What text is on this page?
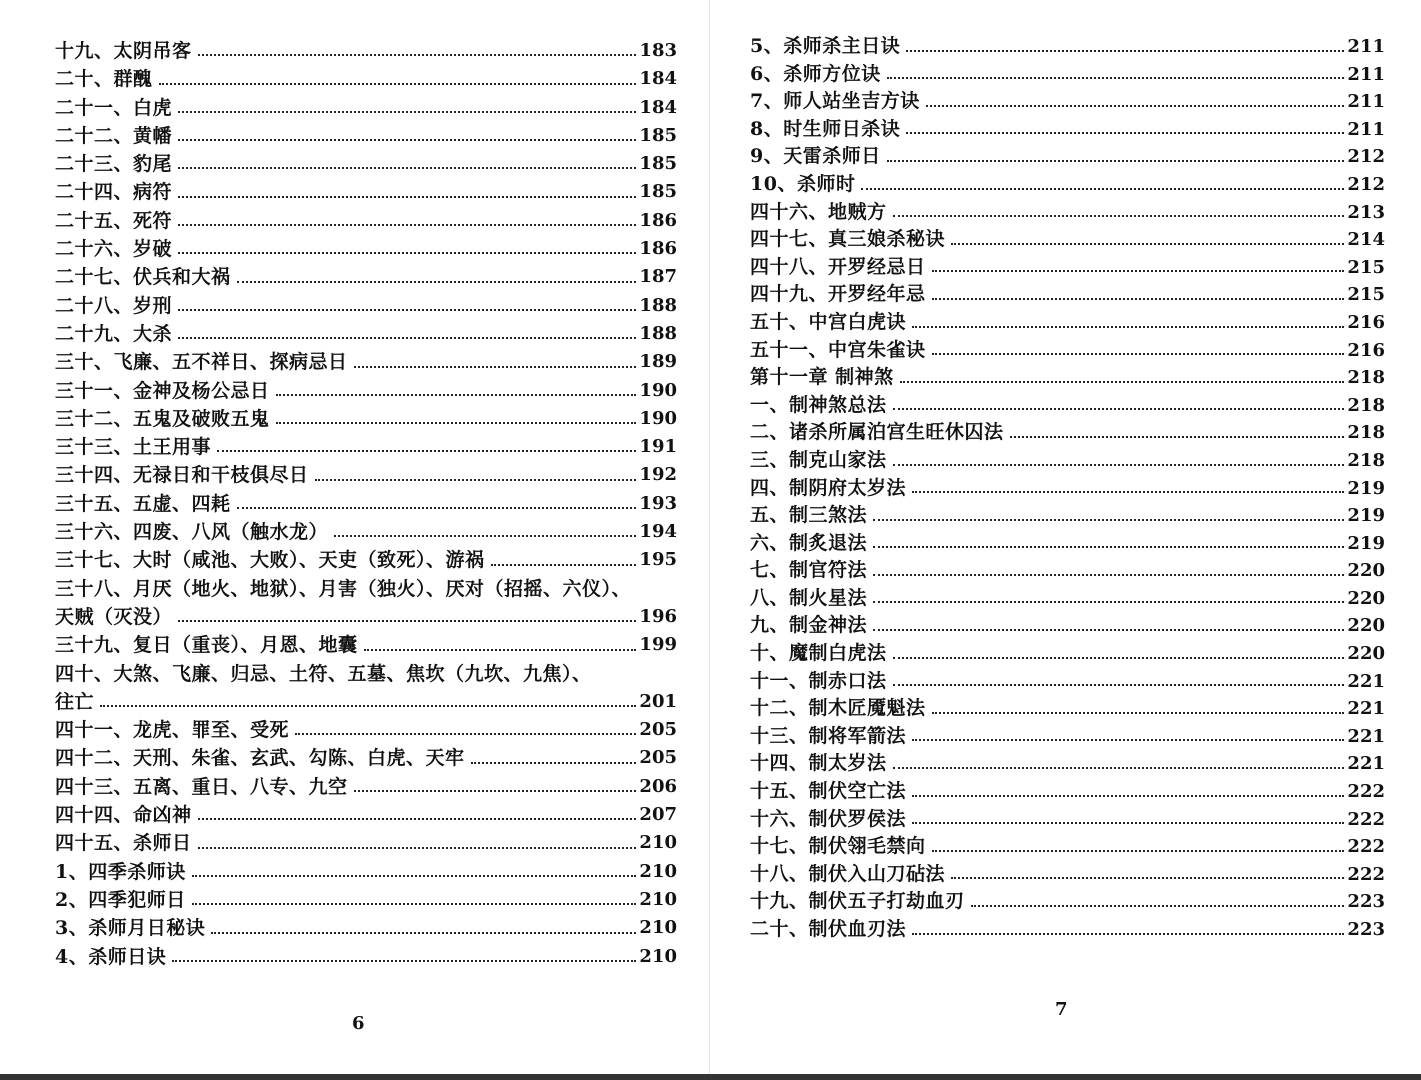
十九、太阴吊客	183
二十、群醜	184
二十一、白虎	184
二十二、黄幡	185
二十三、豹尾	185
二十四、病符	185
二十五、死符	186
二十六、岁破	186
二十七、伏兵和大祸	187
二十八、岁刑	188
二十九、大杀	188
三十、飞廉、五不祥日、探病忌日	189
三十一、金神及杨公忌日	190
三十二、五鬼及破败五鬼	190
三十三、土王用事	191
三十四、无禄日和干枝俱尽日	192
三十五、五虚、四耗	193
三十六、四废、八风（触水龙）	194
三十七、大时（咸池、大败）、天吏（致死）、游祸	195
三十八、月厌（地火、地狱）、月害（独火）、厌对（招摇、六仪）、
天贼（灭没）	196
三十九、复日（重丧）、月恩、地囊	199
四十、大煞、飞廉、归忌、土符、五墓、焦坎（九坎、九焦）、
往亡	201
四十一、龙虎、罪至、受死	205
四十二、天刑、朱雀、玄武、勾陈、白虎、天牢	205
四十三、五离、重日、八专、九空	206
四十四、命凶神	207
四十五、杀师日	210
1、四季杀师诀	210
2、四季犯师日	210
3、杀师月日秘诀	210
4、杀师日诀	210
6
5、杀师杀主日诀	211
6、杀师方位诀	211
7、师人站坐吉方诀	211
8、时生师日杀诀	211
9、天雷杀师日	212
10、杀师时	212
四十六、地贼方	213
四十七、真三娘杀秘诀	214
四十八、开罗经忌日	215
四十九、开罗经年忌	215
五十、中宫白虎诀	216
五十一、中宫朱雀诀	216
第十一章 制神煞	218
一、制神煞总法	218
二、诸杀所属泊宫生旺休囚法	218
三、制克山家法	218
四、制阴府太岁法	219
五、制三煞法	219
六、制炙退法	219
七、制官符法	220
八、制火星法	220
九、制金神法	220
十、魔制白虎法	220
十一、制赤口法	221
十二、制木匠魇魁法	221
十三、制将军箭法	221
十四、制太岁法	221
十五、制伏空亡法	222
十六、制伏罗侯法	222
十七、制伏翎毛禁向	222
十八、制伏入山刀砧法	222
十九、制伏五子打劫血刃	223
二十、制伏血刃法	223
7
